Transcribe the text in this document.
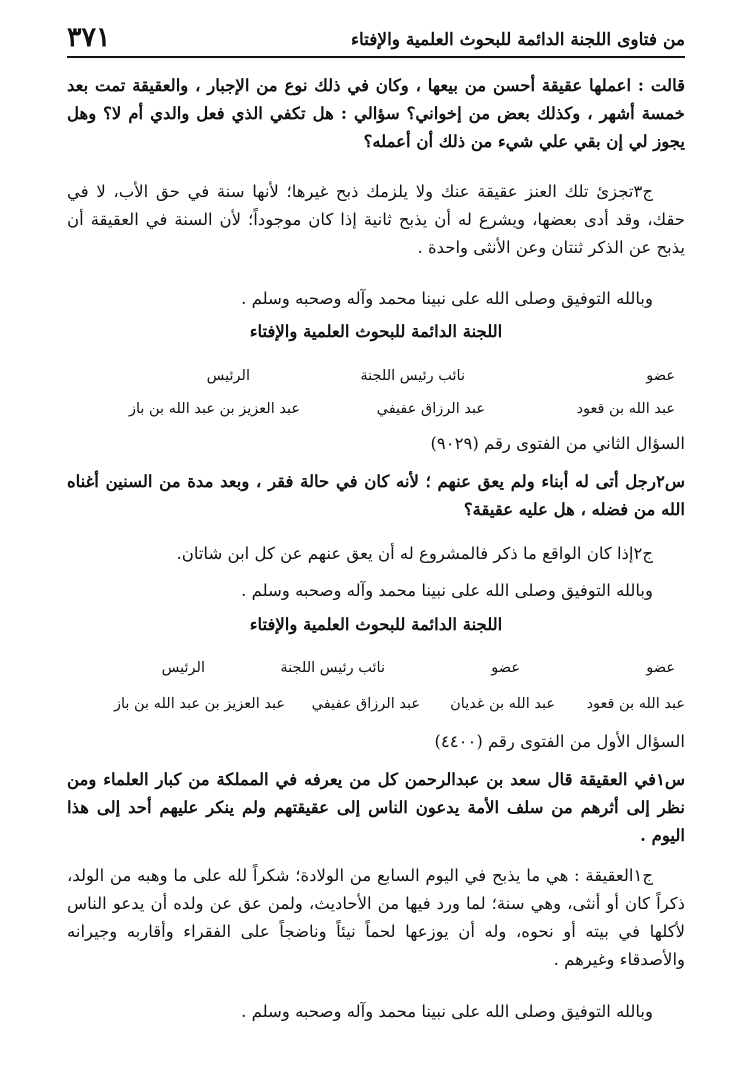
من فتاوى اللجنة الدائمة للبحوث العلمية والإفتاء
٣٧١
قالت : اعملها عقيقة أحسن من بيعها ، وكان في ذلك نوع من الإجبار ، والعقيقة تمت بعد خمسة أشهر ، وكذلك بعض من إخواني؟ سؤالي : هل تكفي الذي فعل والدي أم لا؟ وهل يجوز لي إن بقي علي شيء من ذلك أن أعمله؟
ج٣تجزئ تلك العنز عقيقة عنك ولا يلزمك ذبح غيرها؛ لأنها سنة في حق الأب، لا في حقك، وقد أدى بعضها، ويشرع له أن يذبح ثانية إذا كان موجوداً؛ لأن السنة في العقيقة أن يذبح عن الذكر ثنتان وعن الأنثى واحدة .
وبالله التوفيق وصلى الله على نبينا محمد وآله وصحبه وسلم .
اللجنة الدائمة للبحوث العلمية والإفتاء
عضو
نائب رئيس اللجنة
الرئيس
عبد الله بن قعود
عبد الرزاق عفيفي
عبد العزيز بن عبد الله بن باز
السؤال الثاني من الفتوى رقم (٩٠٢٩)
س٢رجل أتى له أبناء ولم يعق عنهم ؛ لأنه كان في حالة فقر ، وبعد مدة من السنين أغناه الله من فضله ، هل عليه عقيقة؟
ج٢إذا كان الواقع ما ذكر فالمشروع له أن يعق عنهم عن كل ابن شاتان.
وبالله التوفيق وصلى الله على نبينا محمد وآله وصحبه وسلم .
اللجنة الدائمة للبحوث العلمية والإفتاء
عضو
عضو
نائب رئيس اللجنة
الرئيس
عبد الله بن قعود
عبد الله بن غديان
عبد الرزاق عفيفي
عبد العزيز بن عبد الله بن باز
السؤال الأول من الفتوى رقم (٤٤٠٠)
س١في العقيقة قال سعد بن عبدالرحمن كل من يعرفه في المملكة من كبار العلماء ومن نظر إلى أثرهم من سلف الأمة يدعون الناس إلى عقيقتهم ولم ينكر عليهم أحد إلى هذا اليوم .
ج١العقيقة : هي ما يذبح في اليوم السابع من الولادة؛ شكراً لله على ما وهبه من الولد، ذكراً كان أو أنثى، وهي سنة؛ لما ورد فيها من الأحاديث، ولمن عق عن ولده أن يدعو الناس لأكلها في بيته أو نحوه، وله أن يوزعها لحماً نيئاً وناضجاً على الفقراء وأقاربه وجيرانه والأصدقاء وغيرهم .
وبالله التوفيق وصلى الله على نبينا محمد وآله وصحبه وسلم .
